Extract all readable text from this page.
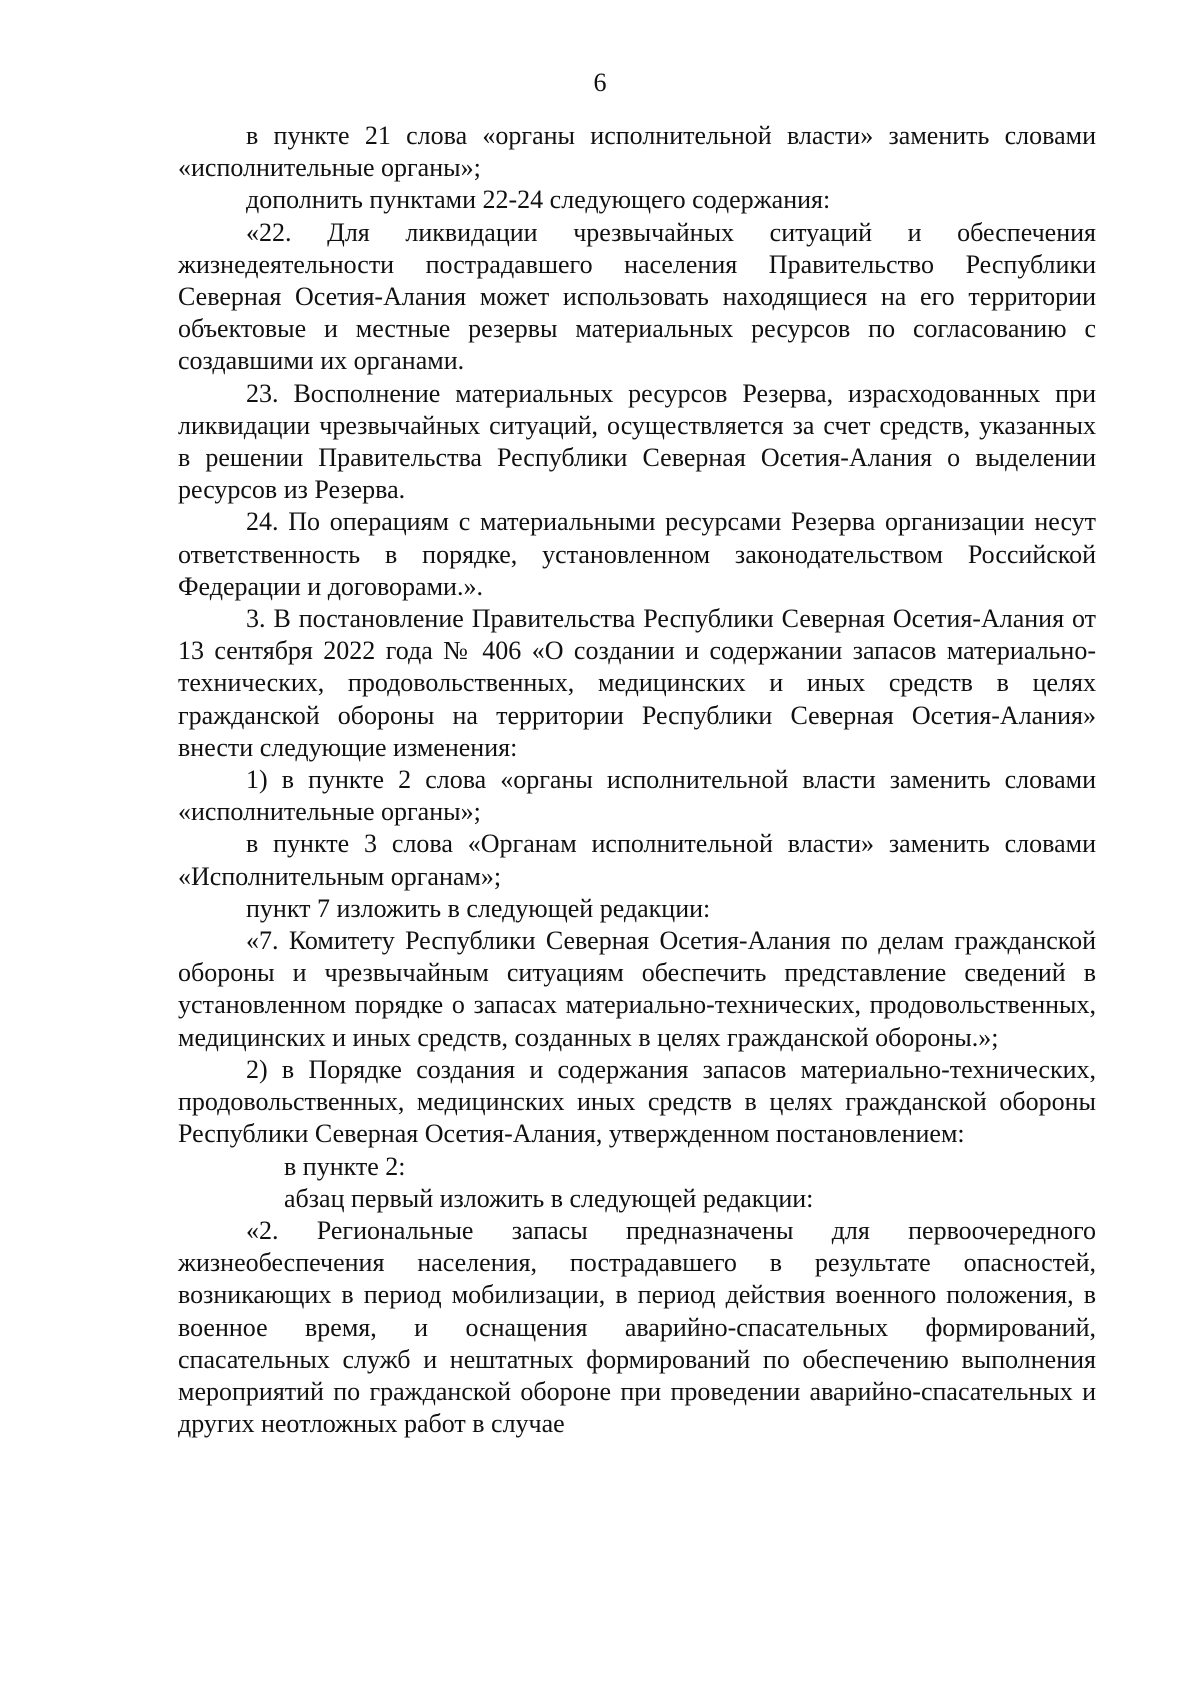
6

в пункте 21 слова «органы исполнительной власти» заменить словами «исполнительные органы»;

дополнить пунктами 22-24 следующего содержания:

«22. Для ликвидации чрезвычайных ситуаций и обеспечения жизнедеятельности пострадавшего населения Правительство Республики Северная Осетия-Алания может использовать находящиеся на его территории объектовые и местные резервы материальных ресурсов по согласованию с создавшими их органами.

23. Восполнение материальных ресурсов Резерва, израсходованных при ликвидации чрезвычайных ситуаций, осуществляется за счет средств, указанных в решении Правительства Республики Северная Осетия-Алания о выделении ресурсов из Резерва.

24. По операциям с материальными ресурсами Резерва организации несут ответственность в порядке, установленном законодательством Российской Федерации и договорами.».

3. В постановление Правительства Республики Северная Осетия-Алания от 13 сентября 2022 года № 406 «О создании и содержании запасов материально-технических, продовольственных, медицинских и иных средств в целях гражданской обороны на территории Республики Северная Осетия-Алания» внести следующие изменения:

1) в пункте 2 слова «органы исполнительной власти заменить словами «исполнительные органы»;

в пункте 3 слова «Органам исполнительной власти» заменить словами «Исполнительным органам»;

пункт 7 изложить в следующей редакции:

«7. Комитету Республики Северная Осетия-Алания по делам гражданской обороны и чрезвычайным ситуациям обеспечить представление сведений в установленном порядке о запасах материально-технических, продовольственных, медицинских и иных средств, созданных в целях гражданской обороны.»;

2) в Порядке создания и содержания запасов материально-технических, продовольственных, медицинских иных средств в целях гражданской обороны Республики Северная Осетия-Алания, утвержденном постановлением:

в пункте 2:

абзац первый изложить в следующей редакции:

«2. Региональные запасы предназначены для первоочередного жизнеобеспечения населения, пострадавшего в результате опасностей, возникающих в период мобилизации, в период действия военного положения, в военное время, и оснащения аварийно-спасательных формирований, спасательных служб и нештатных формирований по обеспечению выполнения мероприятий по гражданской обороне при проведении аварийно-спасательных и других неотложных работ в случае
